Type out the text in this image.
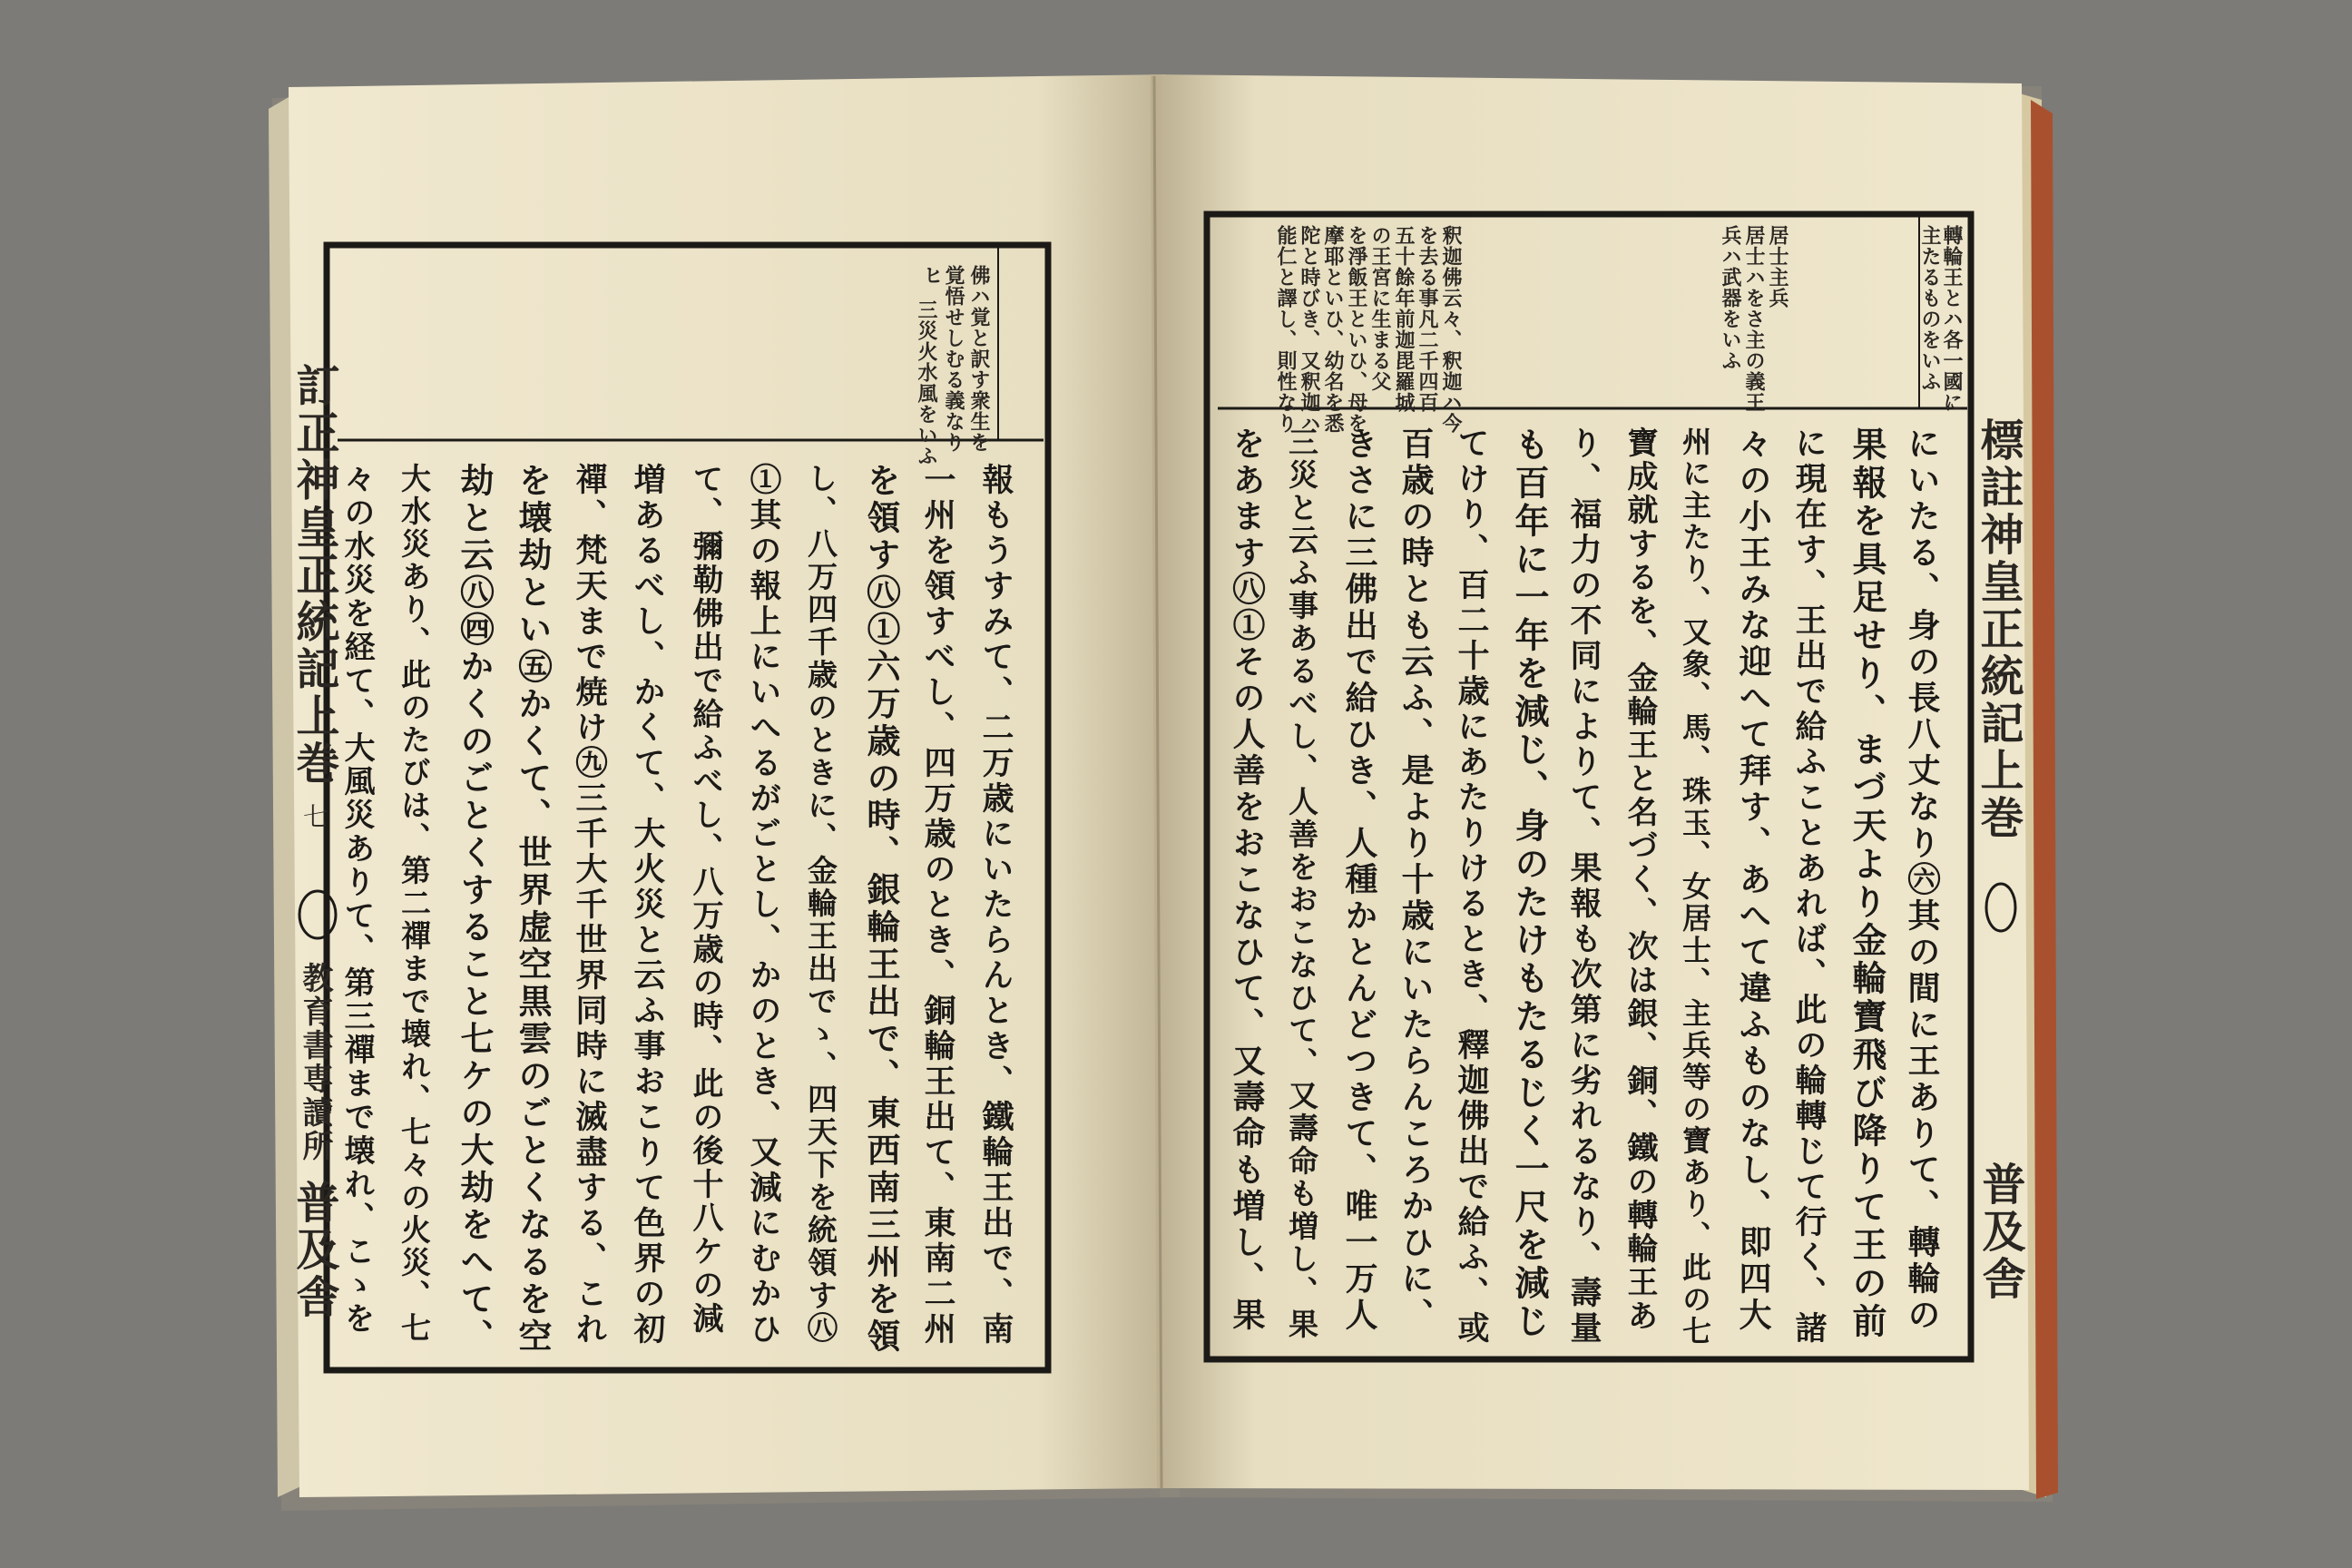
訂正神皇正統記上巻
七
教育書専讀所
普及舎
佛ハ覚と訳す衆生を
覚悟せしむる義なり
ヒ
三災火水風をいふ
報もうすみて、二万歳にいたらんとき、鐵輪王出で、南
一州を領すべし、四万歳のとき、銅輪王出て、東南二州
を領す㊇①六万歳の時、銀輪王出で、東西南三州を領
し、八万四千歳のときに、金輪王出でゝ、四天下を統領す㊇
①其の報上にいへるがごとし、かのとき、又減にむかひ
て、彌勒佛出で給ふべし、八万歳の時、此の後十八ケの減
増あるべし、かくて、大火災と云ふ事おこりて色界の初
禪、梵天まで焼け㊈三千大千世界同時に滅盡する、これ
を壊劫とい㊄かくて、世界虚空黒雲のごとくなるを空
劫と云㊇㊃かくのごとくすること七ケの大劫をへて、
大水災あり、此のたびは、第二禪まで壊れ、七々の火災、七
々の水災を経て、大風災ありて、第三禪まで壊れ、こゝを	標註神皇正統記上巻
普及舎
轉輪王とハ各一國に
主たるものをいふ
居士主兵
居士ハをさ主の義王
兵ハ武器をいふ
釈迦佛云々、釈迦ハ今
を去る事凡二千四百
五十餘年前迦毘羅城
の王宮に生まる父
を淨飯王といひ、母を
摩耶といひ、幼名を悉
陀と時びき、又釈迦ハ
能仁と譯し、則性なり
にいたる、身の長八丈なり㊅其の間に王ありて、轉輪の
果報を具足せり、まづ天より金輪寶飛び降りて王の前
に現在す、王出で給ふことあれば、此の輪轉じて行く、諸
々の小王みな迎へて拜す、あへて違ふものなし、即四大
州に主たり、又象、馬、珠玉、女居士、主兵等の寶あり、此の七
寶成就するを、金輪王と名づく、次は銀、銅、鐵の轉輪王あ
り、福力の不同によりて、果報も次第に劣れるなり、壽量
も百年に一年を減じ、身のたけもたるじく一尺を減じ
てけり、百二十歳にあたりけるとき、釋迦佛出で給ふ、或
百歳の時とも云ふ、是より十歳にいたらんころかひに、
きさに三佛出で給ひき、人種かとんどつきて、唯一万人
三災と云ふ事あるべし、人善をおこなひて、又壽命も増し、果
をあます㊇①その人善をおこなひて、又壽命も増し、果
